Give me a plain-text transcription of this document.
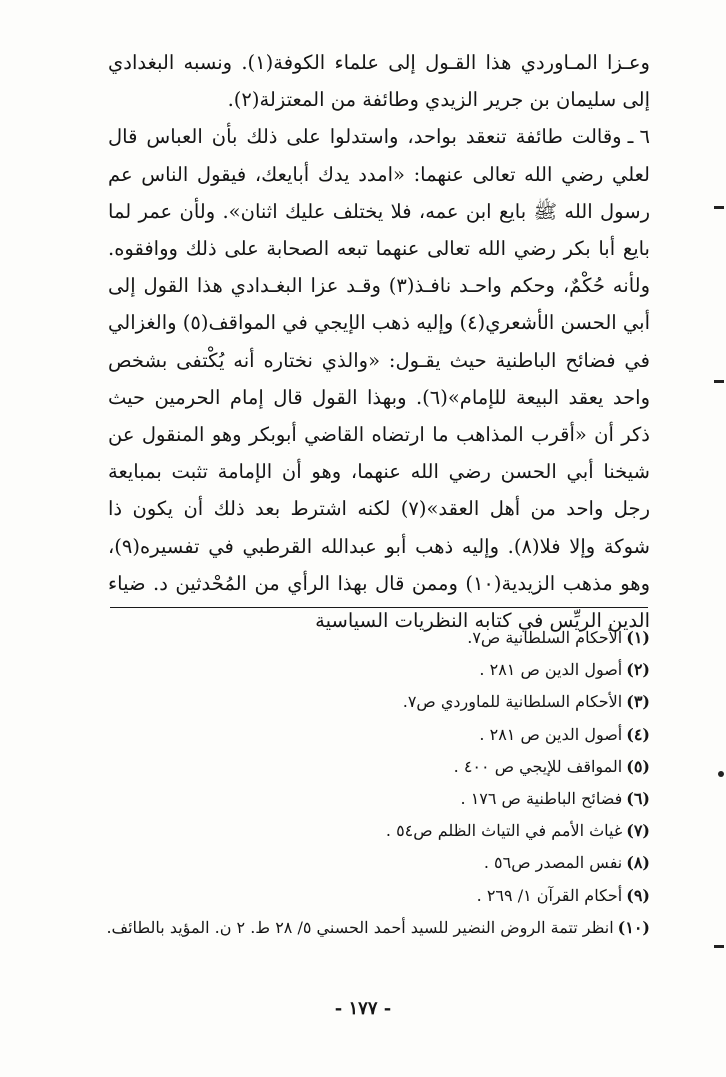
وعـزا المـاوردي هذا القـول إلى علماء الكوفة(١). ونسبه البغدادي إلى سليمان بن جرير الزيدي وطائفة من المعتزلة(٢).

٦ ـوقالت طائفة تنعقد بواحد، واستدلوا على ذلك بأن العباس قال لعلي رضي الله تعالى عنهما: «امدد يدك أبايعك، فيقول الناس عم رسول الله ﷺ بايع ابن عمه، فلا يختلف عليك اثنان». ولأن عمر لما بايع أبا بكر رضي الله تعالى عنهما تبعه الصحابة على ذلك ووافقوه. ولأنه حُكْمٌ، وحكم واحـد نافـذ(٣) وقـد عزا البغـدادي هذا القول إلى أبي الحسن الأشعري(٤) وإليه ذهب الإيجي في المواقف(٥) والغزالي في فضائح الباطنية حيث يقـول: «والذي نختاره أنه يُكْتفى بشخص واحد يعقد البيعة للإمام»(٦). وبهذا القول قال إمام الحرمين حيث ذكر أن «أقرب المذاهب ما ارتضاه القاضي أبوبكر وهو المنقول عن شيخنا أبي الحسن رضي الله عنهما، وهو أن الإمامة تثبت بمبايعة رجل واحد من أهل العقد»(٧) لكنه اشترط بعد ذلك أن يكون ذا شوكة وإلا فلا(٨). وإليه ذهب أبو عبدالله القرطبي في تفسيره(٩)، وهو مذهب الزيدية(١٠) وممن قال بهذا الرأي من المُحْدثين د. ضياء الدين الريِّس في كتابه النظريات السياسية

(١)الأحكام السلطانية ص٧.

(٢)أصول الدين ص ٢٨١ .

(٣)الأحكام السلطانية للماوردي ص٧.

(٤)أصول الدين ص ٢٨١ .

(٥)المواقف للإيجي ص ٤٠٠ .

(٦)فضائح الباطنية ص ١٧٦ .

(٧)غياث الأمم في التياث الظلم ص٥٤ .

(٨)نفس المصدر ص٥٦ .

(٩)أحكام القرآن ١/ ٢٦٩ .

(١٠)انظر تتمة الروض النضير للسيد أحمد الحسني ٥/ ٢٨ ط. ٢ ن. المؤيد بالطائف.

- ١٧٧ -
